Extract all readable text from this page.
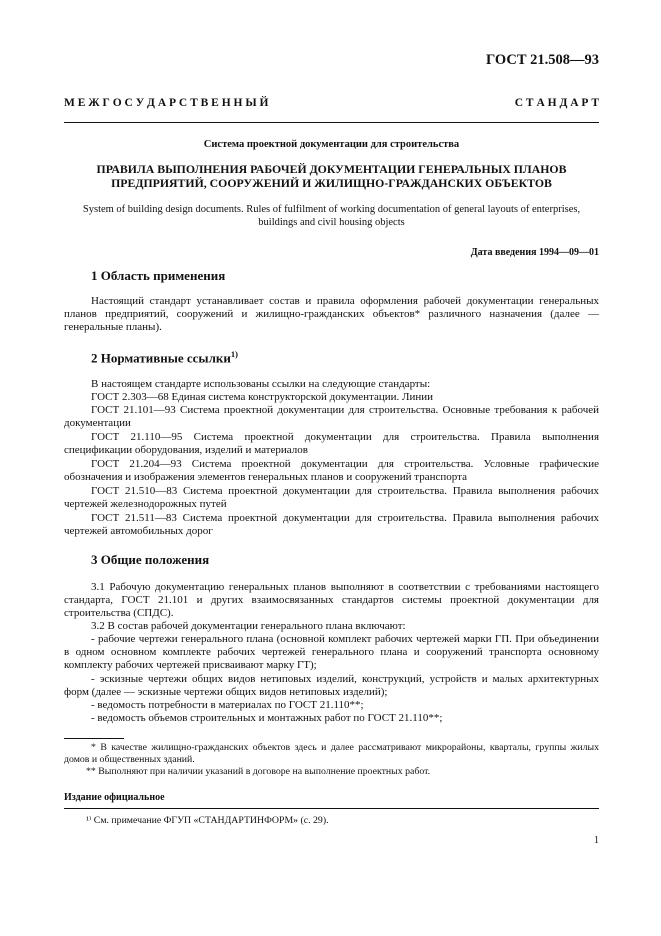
ГОСТ 21.508—93
М Е Ж Г О С У Д А Р С Т В Е Н Н Ы Й	С Т А Н Д А Р Т
Система проектной документации для строительства
ПРАВИЛА ВЫПОЛНЕНИЯ РАБОЧЕЙ ДОКУМЕНТАЦИИ ГЕНЕРАЛЬНЫХ ПЛАНОВ
ПРЕДПРИЯТИЙ, СООРУЖЕНИЙ И ЖИЛИЩНО-ГРАЖДАНСКИХ ОБЪЕКТОВ
System of building design documents. Rules of fulfilment of working documentation of general layouts of enterprises,
buildings and civil housing objects
Дата введения 1994—09—01
1 Область применения
Настоящий стандарт устанавливает состав и правила оформления рабочей документации генеральных планов предприятий, сооружений и жилищно-гражданских объектов* различного назначения (далее — генеральные планы).
2 Нормативные ссылки$^{1)}$
В настоящем стандарте использованы ссылки на следующие стандарты:
ГОСТ 2.303—68 Единая система конструкторской документации. Линии
ГОСТ 21.101—93 Система проектной документации для строительства. Основные требования к рабочей документации
ГОСТ 21.110—95 Система проектной документации для строительства. Правила выполнения спецификации оборудования, изделий и материалов
ГОСТ 21.204—93 Система проектной документации для строительства. Условные графические обозначения и изображения элементов генеральных планов и сооружений транспорта
ГОСТ 21.510—83 Система проектной документации для строительства. Правила выполнения рабочих чертежей железнодорожных путей
ГОСТ 21.511—83 Система проектной документации для строительства. Правила выполнения рабочих чертежей автомобильных дорог
3 Общие положения
3.1 Рабочую документацию генеральных планов выполняют в соответствии с требованиями настоящего стандарта, ГОСТ 21.101 и других взаимосвязанных стандартов системы проектной документации для строительства (СПДС).
3.2 В состав рабочей документации генерального плана включают:
- рабочие чертежи генерального плана (основной комплект рабочих чертежей марки ГП. При объединении в одном основном комплекте рабочих чертежей генерального плана и сооружений транспорта основному комплекту рабочих чертежей присваивают марку ГТ);
- эскизные чертежи общих видов нетиповых изделий, конструкций, устройств и малых архитектурных форм (далее — эскизные чертежи общих видов нетиповых изделий);
- ведомость потребности в материалах по ГОСТ 21.110**;
- ведомость объемов строительных и монтажных работ по ГОСТ 21.110**;
* В качестве жилищно-гражданских объектов здесь и далее рассматривают микрорайоны, кварталы, группы жилых домов и общественных зданий.
** Выполняют при наличии указаний в договоре на выполнение проектных работ.
Издание официальное
¹⁾ См. примечание ФГУП «СТАНДАРТИНФОРМ» (с. 29).
1
